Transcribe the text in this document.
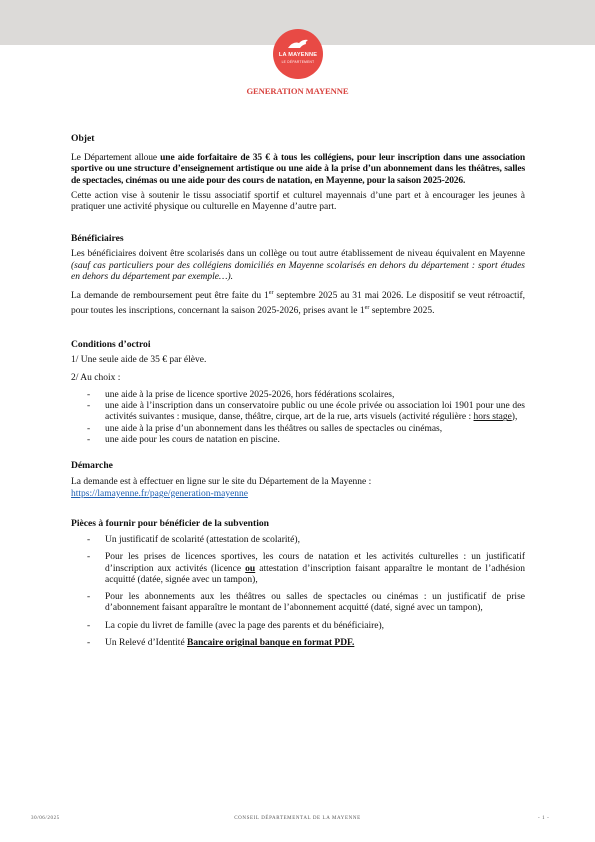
LA MAYENNE
LE DÉPARTEMENT
GENERATION MAYENNE
Objet

Le Département alloue une aide forfaitaire de 35 € à tous les collégiens, pour leur inscription dans une association sportive ou une structure d’enseignement artistique ou une aide à la prise d’un abonnement dans les théâtres, salles de spectacles, cinémas ou une aide pour des cours de natation, en Mayenne, pour la saison 2025-2026.

Cette action vise à soutenir le tissu associatif sportif et culturel mayennais d’une part et à encourager les jeunes à pratiquer une activité physique ou culturelle en Mayenne d’autre part.

Bénéficiaires

Les bénéficiaires doivent être scolarisés dans un collège ou tout autre établissement de niveau équivalent en Mayenne (sauf cas particuliers pour des collégiens domiciliés en Mayenne scolarisés en dehors du département : sport études en dehors du département par exemple…).

La demande de remboursement peut être faite du 1er septembre 2025 au 31 mai 2026. Le dispositif se veut rétroactif, pour toutes les inscriptions, concernant la saison 2025-2026, prises avant le 1er septembre 2025.

Conditions d’octroi

1/ Une seule aide de 35 € par élève.

2/ Au choix :

- une aide à la prise de licence sportive 2025-2026, hors fédérations scolaires,
- une aide à l’inscription dans un conservatoire public ou une école privée ou association loi 1901 pour une des activités suivantes : musique, danse, théâtre, cirque, art de la rue, arts visuels (activité régulière : hors stage),
- une aide à la prise d’un abonnement dans les théâtres ou salles de spectacles ou cinémas,
- une aide pour les cours de natation en piscine.
Démarche

La demande est à effectuer en ligne sur le site du Département de la Mayenne :

https://lamayenne.fr/page/generation-mayenne

Pièces à fournir pour bénéficier de la subvention
- Un justificatif de scolarité (attestation de scolarité),
- Pour les prises de licences sportives, les cours de natation et les activités culturelles : un justificatif d’inscription aux activités (licence ou attestation d’inscription faisant apparaître le montant de l’adhésion acquitté (datée, signée avec un tampon),
- Pour les abonnements aux les théâtres ou salles de spectacles ou cinémas : un justificatif de prise d’abonnement faisant apparaître le montant de l’abonnement acquitté (daté, signé avec un tampon),
- La copie du livret de famille (avec la page des parents et du bénéficiaire),
- Un Relevé d’Identité Bancaire original banque en format PDF.
30/06/2025	CONSEIL DÉPARTEMENTAL DE LA MAYENNE	- 1 -
